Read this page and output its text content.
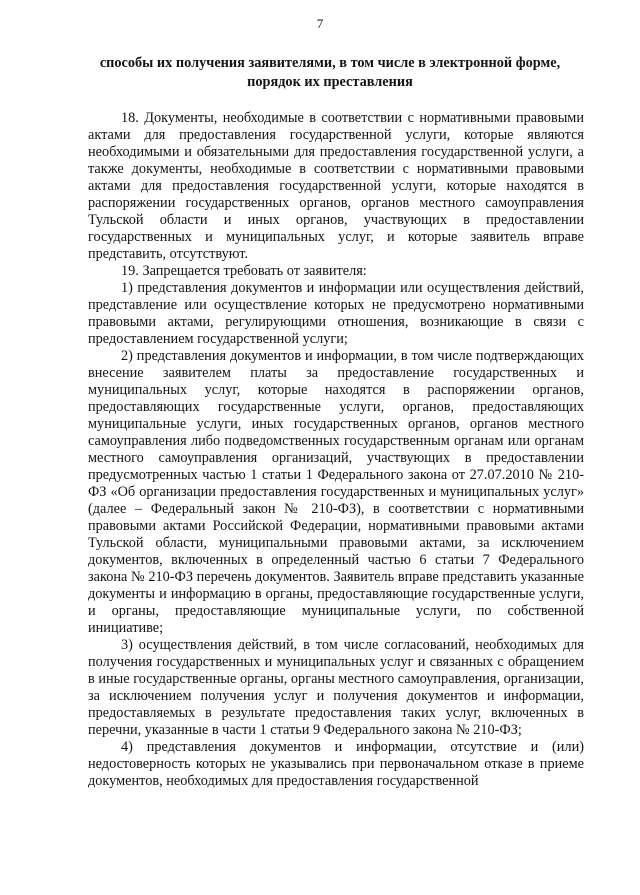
7
способы их получения заявителями, в том числе в электронной форме,
порядок их преставления

18. Документы, необходимые в соответствии с нормативными правовыми актами для предоставления государственной услуги, которые являются необходимыми и обязательными для предоставления государственной услуги, а также документы, необходимые в соответствии с нормативными правовыми актами для предоставления государственной услуги, которые находятся в распоряжении государственных органов, органов местного самоуправления Тульской области и иных органов, участвующих в предоставлении государственных и муниципальных услуг, и которые заявитель вправе представить, отсутствуют.

19. Запрещается требовать от заявителя:

1) представления документов и информации или осуществления действий, представление или осуществление которых не предусмотрено нормативными правовыми актами, регулирующими отношения, возникающие в связи с предоставлением государственной услуги;

2) представления документов и информации, в том числе подтверждающих внесение заявителем платы за предоставление государственных и муниципальных услуг, которые находятся в распоряжении органов, предоставляющих государственные услуги, органов, предоставляющих муниципальные услуги, иных государственных органов, органов местного самоуправления либо подведомственных государственным органам или органам местного самоуправления организаций, участвующих в предоставлении предусмотренных частью 1 статьи 1 Федерального закона от 27.07.2010 № 210-ФЗ «Об организации предоставления государственных и муниципальных услуг» (далее – Федеральный закон № 210-ФЗ), в соответствии с нормативными правовыми актами Российской Федерации, нормативными правовыми актами Тульской области, муниципальными правовыми актами, за исключением документов, включенных в определенный частью 6 статьи 7 Федерального закона № 210-ФЗ перечень документов. Заявитель вправе представить указанные документы и информацию в органы, предоставляющие государственные услуги, и органы, предоставляющие муниципальные услуги, по собственной инициативе;

3) осуществления действий, в том числе согласований, необходимых для получения государственных и муниципальных услуг и связанных с обращением в иные государственные органы, органы местного самоуправления, организации, за исключением получения услуг и получения документов и информации, предоставляемых в результате предоставления таких услуг, включенных в перечни, указанные в части 1 статьи 9 Федерального закона № 210-ФЗ;

4) представления документов и информации, отсутствие и (или) недостоверность которых не указывались при первоначальном отказе в приеме документов, необходимых для предоставления государственной
